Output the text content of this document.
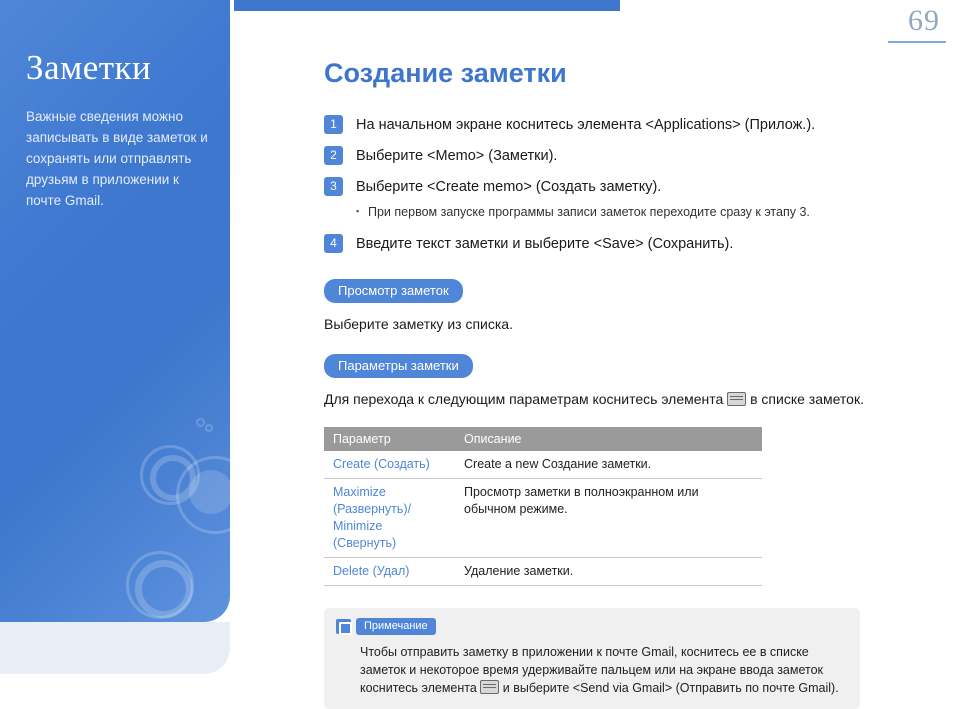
Заметки
Важные сведения можно записывать в виде заметок и сохранять или отправлять друзьям в приложении к почте Gmail.
69
Создание заметки
1	На начальном экране коснитесь элемента <Applications> (Прилож.).
2	Выберите <Memo> (Заметки).
3	Выберите <Create memo> (Создать заметку).
▪ При первом запуске программы записи заметок переходите сразу к этапу 3.
4	Введите текст заметки и выберите <Save> (Сохранить).
Просмотр заметок
Выберите заметку из списка.
Параметры заметки
Для перехода к следующим параметрам коснитесь элемента в списке заметок.
Параметр	Описание
Create (Создать)	Create a new Создание заметки.
Maximize (Развернуть)/ Minimize (Свернуть)	Просмотр заметки в полноэкранном или обычном режиме.
Delete (Удал)	Удаление заметки.
Примечание
Чтобы отправить заметку в приложении к почте Gmail, коснитесь ее в списке заметок и некоторое время удерживайте пальцем или на экране ввода заметок коснитесь элемента и выберите <Send via Gmail> (Отправить по почте Gmail).
